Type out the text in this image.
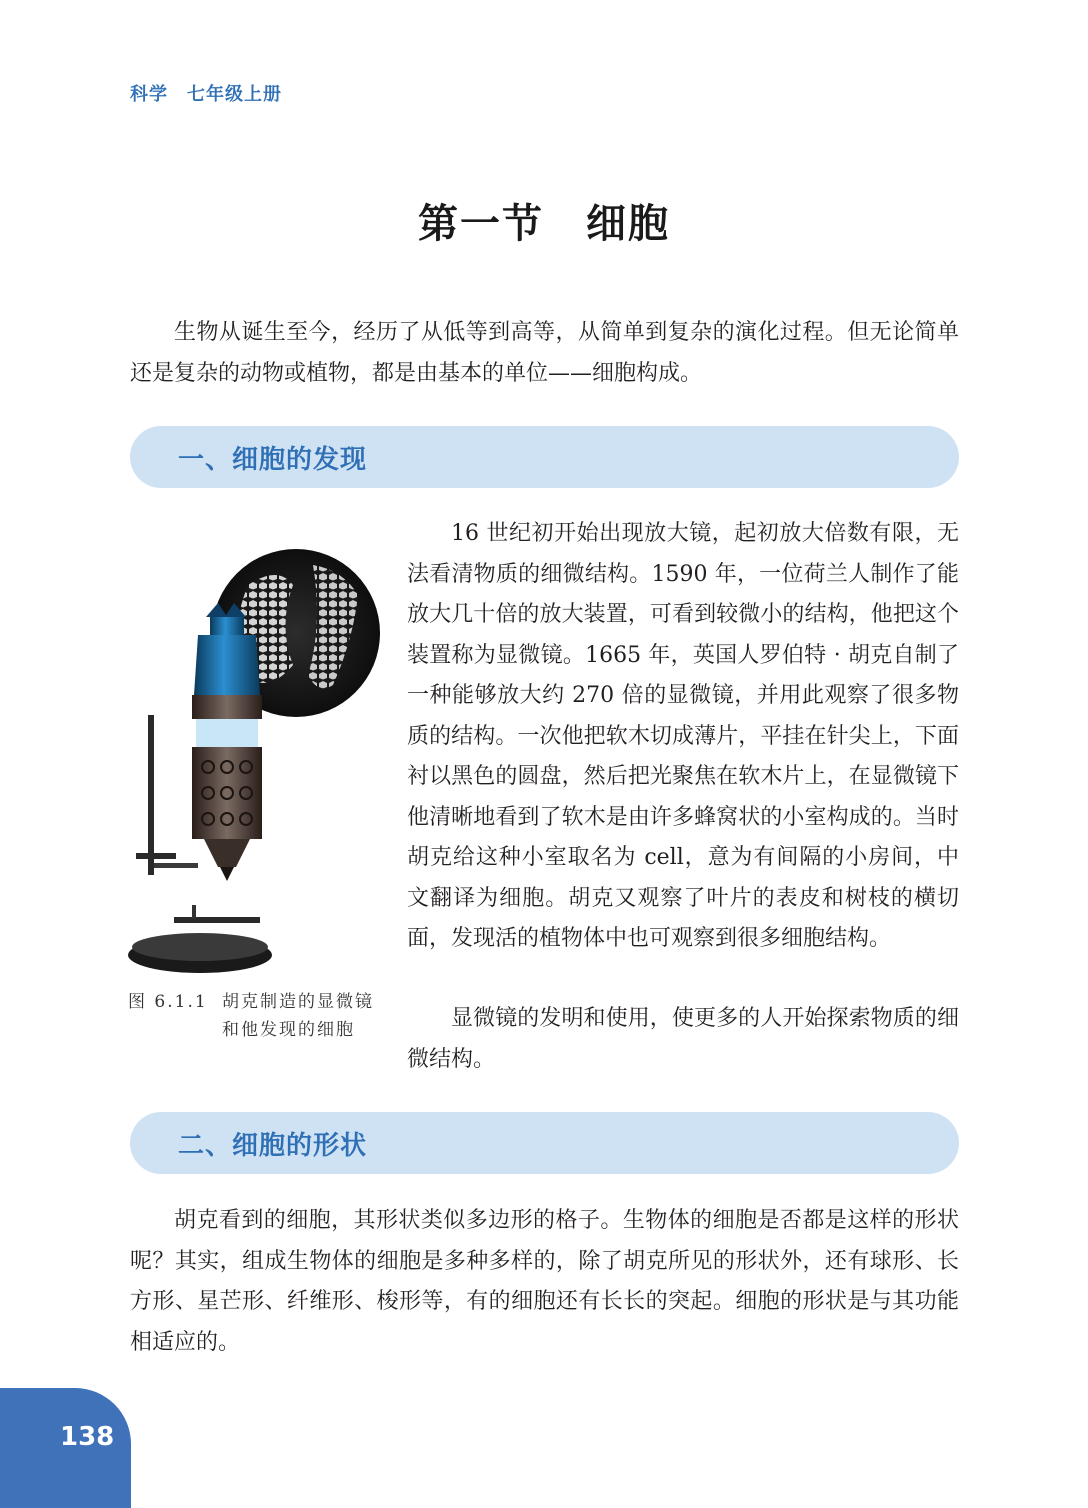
科学　七年级上册
第一节　细胞

生物从诞生至今，经历了从低等到高等，从简单到复杂的演化过程。但无论简单还是复杂的动物或植物，都是由基本的单位——细胞构成。

一、细胞的发现

16 世纪初开始出现放大镜，起初放大倍数有限，无法看清物质的细微结构。1590 年，一位荷兰人制作了能放大几十倍的放大装置，可看到较微小的结构，他把这个装置称为显微镜。1665 年，英国人罗伯特 · 胡克自制了一种能够放大约 270 倍的显微镜，并用此观察了很多物质的结构。一次他把软木切成薄片，平挂在针尖上，下面衬以黑色的圆盘，然后把光聚焦在软木片上，在显微镜下他清晰地看到了软木是由许多蜂窝状的小室构成的。当时胡克给这种小室取名为 cell，意为有间隔的小房间，中文翻译为细胞。胡克又观察了叶片的表皮和树枝的横切面，发现活的植物体中也可观察到很多细胞结构。

显微镜的发明和使用，使更多的人开始探索物质的细微结构。

图 6.1.1 胡克制造的显微镜
和他发现的细胞
二、细胞的形状

胡克看到的细胞，其形状类似多边形的格子。生物体的细胞是否都是这样的形状呢？其实，组成生物体的细胞是多种多样的，除了胡克所见的形状外，还有球形、长方形、星芒形、纤维形、梭形等，有的细胞还有长长的突起。细胞的形状是与其功能相适应的。

138
